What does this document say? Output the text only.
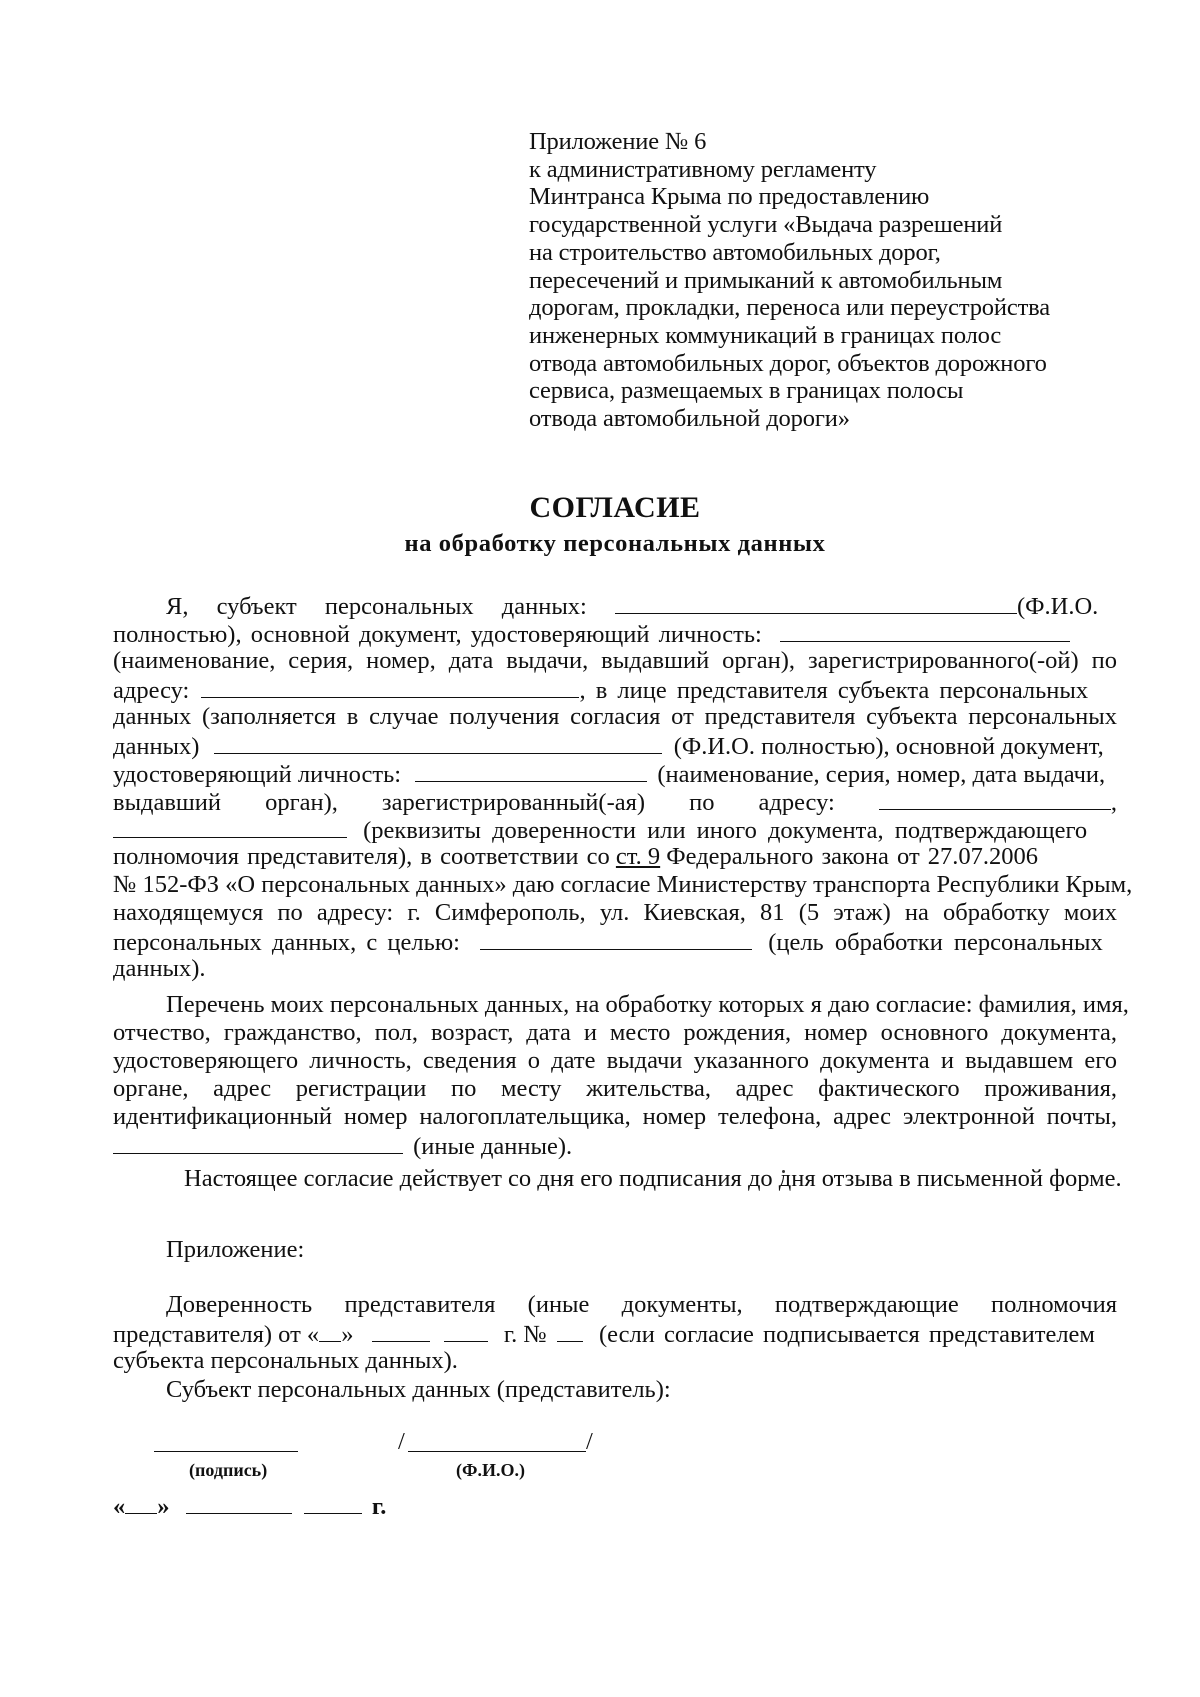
Приложение № 6
к административному регламенту
Минтранса Крыма по предоставлению
государственной услуги «Выдача разрешений
на строительство автомобильных дорог,
пересечений и примыканий к автомобильным
дорогам, прокладки, переноса или переустройства
инженерных коммуникаций в границах полос
отвода автомобильных дорог, объектов дорожного
сервиса, размещаемых в границах полосы
отвода автомобильной дороги»
СОГЛАСИЕ
на обработку персональных данных
Я, субъект персональных данных:	(Ф.И.О.
полностью), основной документ, удостоверяющий личность:
(наименование, серия, номер, дата выдачи, выдавший орган), зарегистрированного(-ой) по
адресу:	, в лице представителя субъекта персональных
данных (заполняется в случае получения согласия от представителя субъекта персональных
данных)	(Ф.И.О. полностью), основной документ,
удостоверяющий личность:	(наименование, серия, номер, дата выдачи,
выдавший орган), зарегистрированный(-ая) по адресу:	,
(реквизиты доверенности или иного документа, подтверждающего
полномочия представителя), в соответствии со ст. 9 Федерального закона от 27.07.2006
№ 152-ФЗ «О персональных данных» даю согласие Министерству транспорта Республики Крым,
находящемуся по адресу: г. Симферополь, ул. Киевская, 81 (5 этаж) на обработку моих
персональных данных, с целью:	(цель обработки персональных
данных).
Перечень моих персональных данных, на обработку которых я даю согласие: фамилия, имя,
отчество, гражданство, пол, возраст, дата и место рождения, номер основного документа,
удостоверяющего личность, сведения о дате выдачи указанного документа и выдавшем его
органе, адрес регистрации по месту жительства, адрес фактического проживания,
идентификационный номер налогоплательщика, номер телефона, адрес электронной почты,
(иные данные).
Настоящее согласие действует со дня его подписания до дня отзыва в письменной форме.
Приложение:
Доверенность представителя (иные документы, подтверждающие полномочия
представителя) от « »	г. № (если согласие подписывается представителем
субъекта персональных данных).
Субъект персональных данных (представитель):
(подпись)
/	/
(Ф.И.О.)
« »	г.
